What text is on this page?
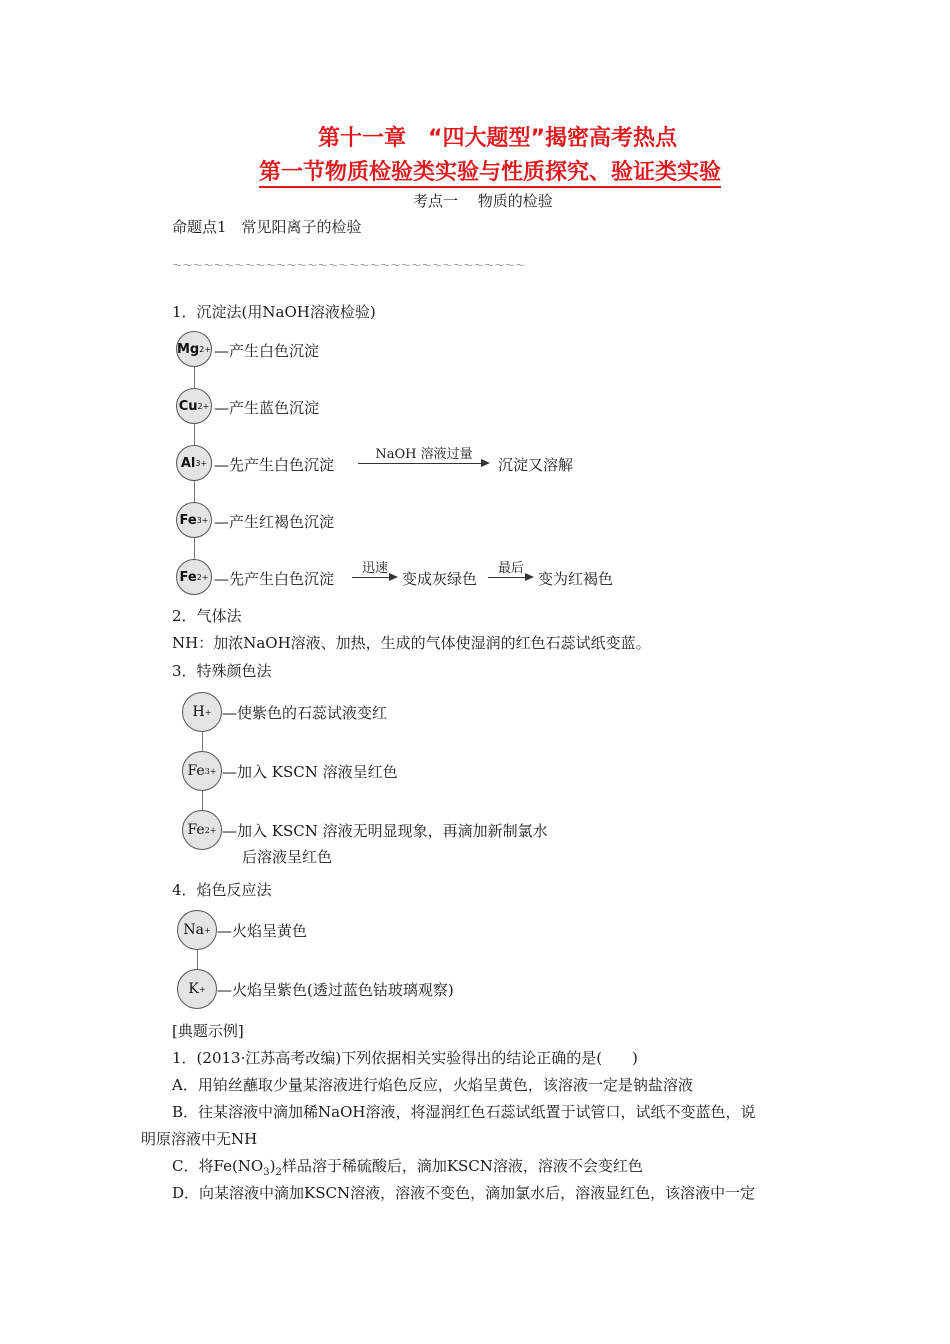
第十一章　“四大题型”揭密高考热点
第一节物质检验类实验与性质探究、验证类实验
考点一　 物质的检验
命题点1　常见阳离子的检验
～～～～～～～～～～～～～～～～～～～～～～～～～～～～～～～～～～
1．沉淀法(用NaOH溶液检验)
Mg 2+ —产生白色沉淀
Cu 2+ —产生蓝色沉淀
Al 3+ —先产生白色沉淀
NaOH 溶液过量
沉淀又溶解
Fe 3+ —产生红褐色沉淀
Fe 2+ —先产生白色沉淀
迅速
变成灰绿色
最后
变为红褐色
2．气体法
NH：加浓NaOH溶液、加热，生成的气体使湿润的红色石蕊试纸变蓝。
3．特殊颜色法
H + —使紫色的石蕊试液变红
Fe 3+ —加入 KSCN 溶液呈红色
Fe 2+ —加入 KSCN 溶液无明显现象，再滴加新制氯水
后溶液呈红色
4．焰色反应法
Na + —火焰呈黄色
K + —火焰呈紫色(透过蓝色钴玻璃观察)
[典题示例]
1．(2013·江苏高考改编)下列依据相关实验得出的结论正确的是(　　)
A．用铂丝蘸取少量某溶液进行焰色反应，火焰呈黄色，该溶液一定是钠盐溶液
B．往某溶液中滴加稀NaOH溶液，将湿润红色石蕊试纸置于试管口，试纸不变蓝色，说
明原溶液中无NH
C．将$Fe(NO_3)_2$样品溶于稀硫酸后，滴加KSCN溶液，溶液不会变红色
D．向某溶液中滴加KSCN溶液，溶液不变色，滴加氯水后，溶液显红色，该溶液中一定
